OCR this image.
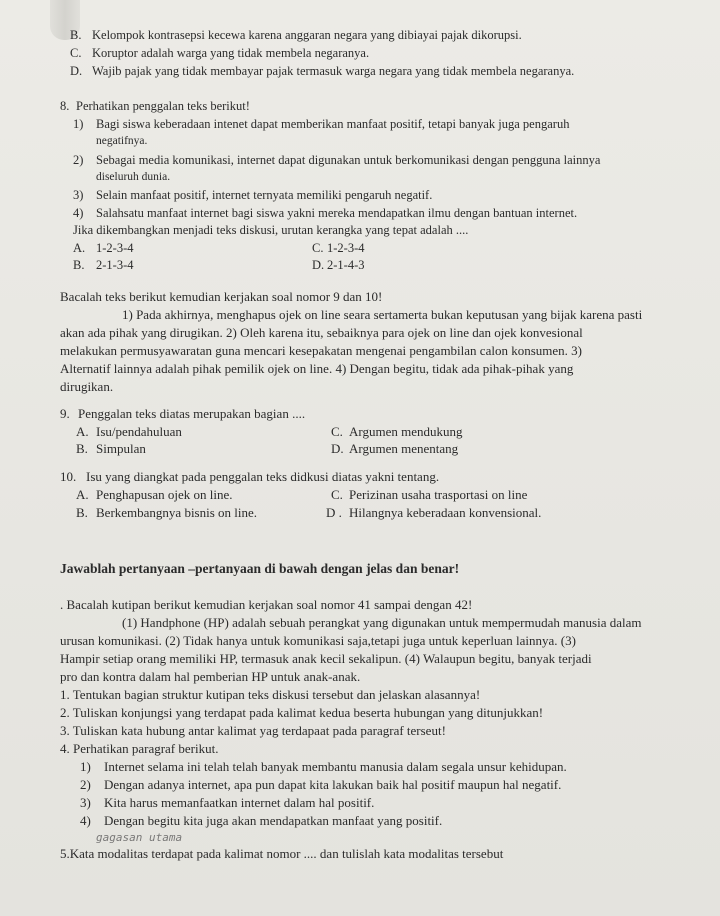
B. Kelompok kontrasepsi kecewa karena anggaran negara yang dibiayai pajak dikorupsi.
C. Koruptor adalah warga yang tidak membela negaranya.
D. Wajib pajak yang tidak membayar pajak termasuk warga negara yang tidak membela negaranya.
8. Perhatikan penggalan teks berikut!
1) Bagi siswa keberadaan intenet dapat memberikan manfaat positif, tetapi banyak juga pengaruh
negatifnya.
2) Sebagai media komunikasi, internet dapat digunakan untuk berkomunikasi dengan pengguna lainnya
diseluruh dunia.
3) Selain manfaat positif, internet ternyata memiliki pengaruh negatif.
4) Salahsatu manfaat internet bagi siswa yakni mereka mendapatkan ilmu dengan bantuan internet.
Jika dikembangkan menjadi teks diskusi, urutan kerangka yang tepat adalah ....
A. 1-2-3-4	C. 1-2-3-4
B. 2-1-3-4	D. 2-1-4-3
Bacalah teks berikut kemudian kerjakan soal nomor 9 dan 10!
1) Pada akhirnya, menghapus ojek on line seara sertamerta bukan keputusan yang bijak karena pasti
akan ada pihak yang dirugikan. 2) Oleh karena itu, sebaiknya para ojek on line dan ojek konvesional
melakukan permusyawaratan guna mencari kesepakatan mengenai pengambilan calon konsumen. 3)
Alternatif lainnya adalah pihak pemilik ojek on line. 4) Dengan begitu, tidak ada pihak-pihak yang
dirugikan.
9. Penggalan teks diatas merupakan bagian ....
A. Isu/pendahuluan	C. Argumen mendukung
B. Simpulan	D. Argumen menentang
10. Isu yang diangkat pada penggalan teks didkusi diatas yakni tentang.
A. Penghapusan ojek on line.	C. Perizinan usaha trasportasi on line
B. Berkembangnya bisnis on line.	D . Hilangnya keberadaan konvensional.
Jawablah pertanyaan –pertanyaan di bawah dengan jelas dan benar!
. Bacalah kutipan berikut kemudian kerjakan soal nomor 41 sampai dengan 42!
(1) Handphone (HP) adalah sebuah perangkat yang digunakan untuk mempermudah manusia dalam
urusan komunikasi. (2) Tidak hanya untuk komunikasi saja,tetapi juga untuk keperluan lainnya. (3)
Hampir setiap orang memiliki HP, termasuk anak kecil sekalipun. (4) Walaupun begitu, banyak terjadi
pro dan kontra dalam hal pemberian HP untuk anak-anak.
1. Tentukan bagian struktur kutipan teks diskusi tersebut dan jelaskan alasannya!
2. Tuliskan konjungsi yang terdapat pada kalimat kedua beserta hubungan yang ditunjukkan!
3. Tuliskan kata hubung antar kalimat yag terdapaat pada paragraf terseut!
4. Perhatikan paragraf berikut.
1) Internet selama ini telah telah banyak membantu manusia dalam segala unsur kehidupan.
2) Dengan adanya internet, apa pun dapat kita lakukan baik hal positif maupun hal negatif.
3) Kita harus memanfaatkan internet dalam hal positif.
4) Dengan begitu kita juga akan mendapatkan manfaat yang positif.
gagasan utama
5.Kata modalitas terdapat pada kalimat nomor .... dan tulislah kata modalitas tersebut
